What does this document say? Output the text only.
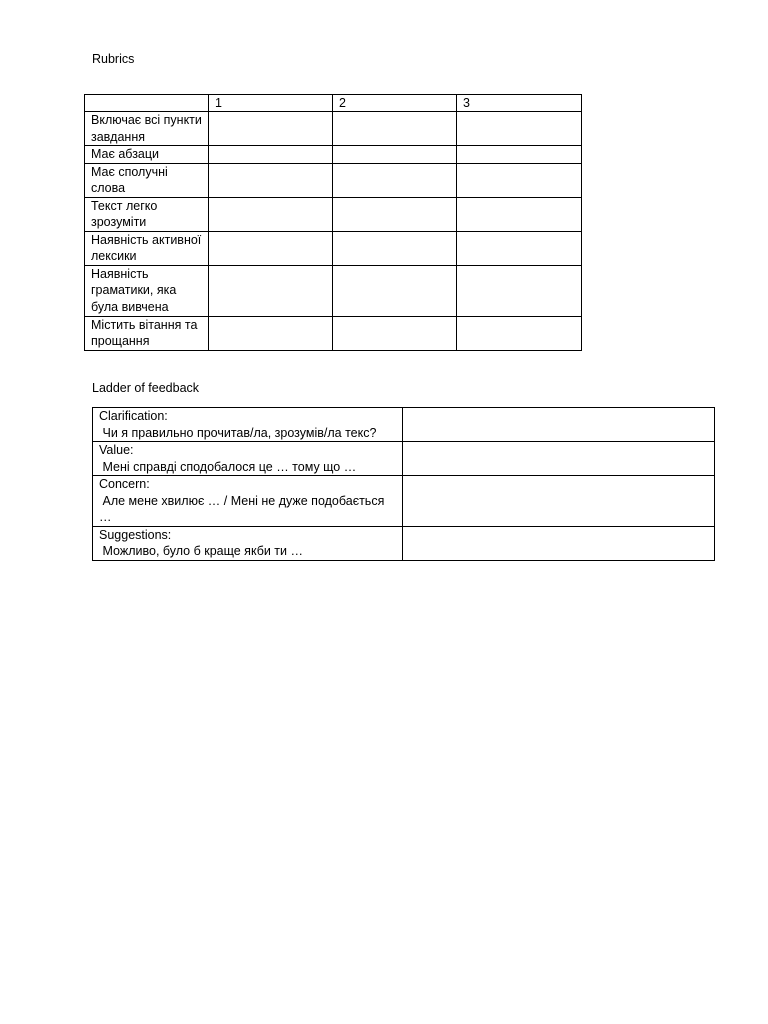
Rubrics
	1	2	3
Включає всі пункти завдання			
Має абзаци			
Має сполучні слова			
Текст легко зрозуміти			
Наявність активної лексики			
Наявність граматики, яка була вивчена			
Містить вітання та прощання			
Ladder of feedback
Clarification:
Чи я правильно прочитав/ла, зрозумів/ла текс?	

Value:
Мені справді сподобалося це … тому що …	

Concern:
Але мене хвилює … / Мені не дуже подобається …	

Suggestions:
Можливо, було б краще якби ти …	
